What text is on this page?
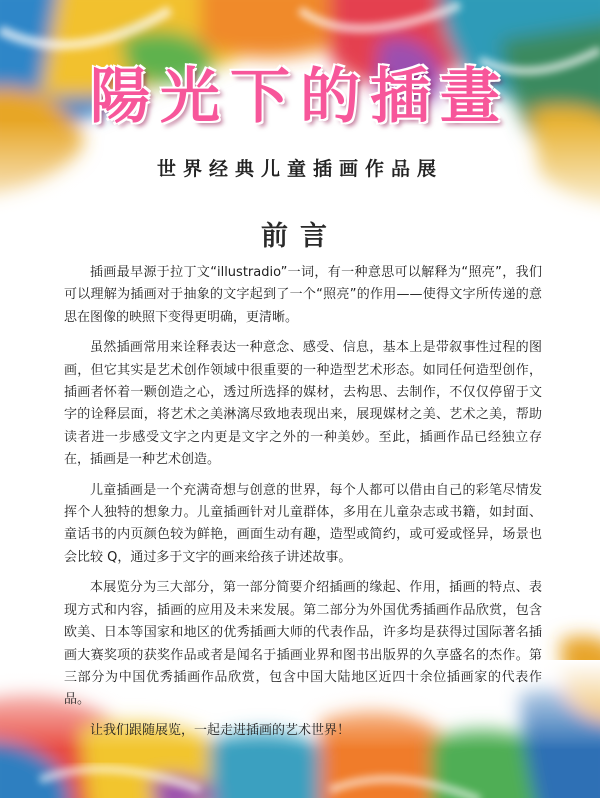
陽光下的插畫
世界经典儿童插画作品展
前言

插画最早源于拉丁文“illustradio”一词，有一种意思可以解释为“照亮”，我们可以理解为插画对于抽象的文字起到了一个“照亮”的作用——使得文字所传递的意思在图像的映照下变得更明确，更清晰。

虽然插画常用来诠释表达一种意念、感受、信息，基本上是带叙事性过程的图画，但它其实是艺术创作领域中很重要的一种造型艺术形态。如同任何造型创作，插画者怀着一颗创造之心，透过所选择的媒材，去构思、去制作，不仅仅停留于文字的诠释层面，将艺术之美淋漓尽致地表现出来，展现媒材之美、艺术之美，帮助读者进一步感受文字之内更是文字之外的一种美妙。至此，插画作品已经独立存在，插画是一种艺术创造。

儿童插画是一个充满奇想与创意的世界，每个人都可以借由自己的彩笔尽情发挥个人独特的想象力。儿童插画针对儿童群体，多用在儿童杂志或书籍，如封面、童话书的内页颜色较为鲜艳，画面生动有趣，造型或简约，或可爱或怪异，场景也会比较 Q，通过多于文字的画来给孩子讲述故事。

本展览分为三大部分，第一部分简要介绍插画的缘起、作用，插画的特点、表现方式和内容，插画的应用及未来发展。第二部分为外国优秀插画作品欣赏，包含欧美、日本等国家和地区的优秀插画大师的代表作品，许多均是获得过国际著名插画大赛奖项的获奖作品或者是闻名于插画业界和图书出版界的久享盛名的杰作。第三部分为中国优秀插画作品欣赏，包含中国大陆地区近四十余位插画家的代表作品。

让我们跟随展览，一起走进插画的艺术世界！
